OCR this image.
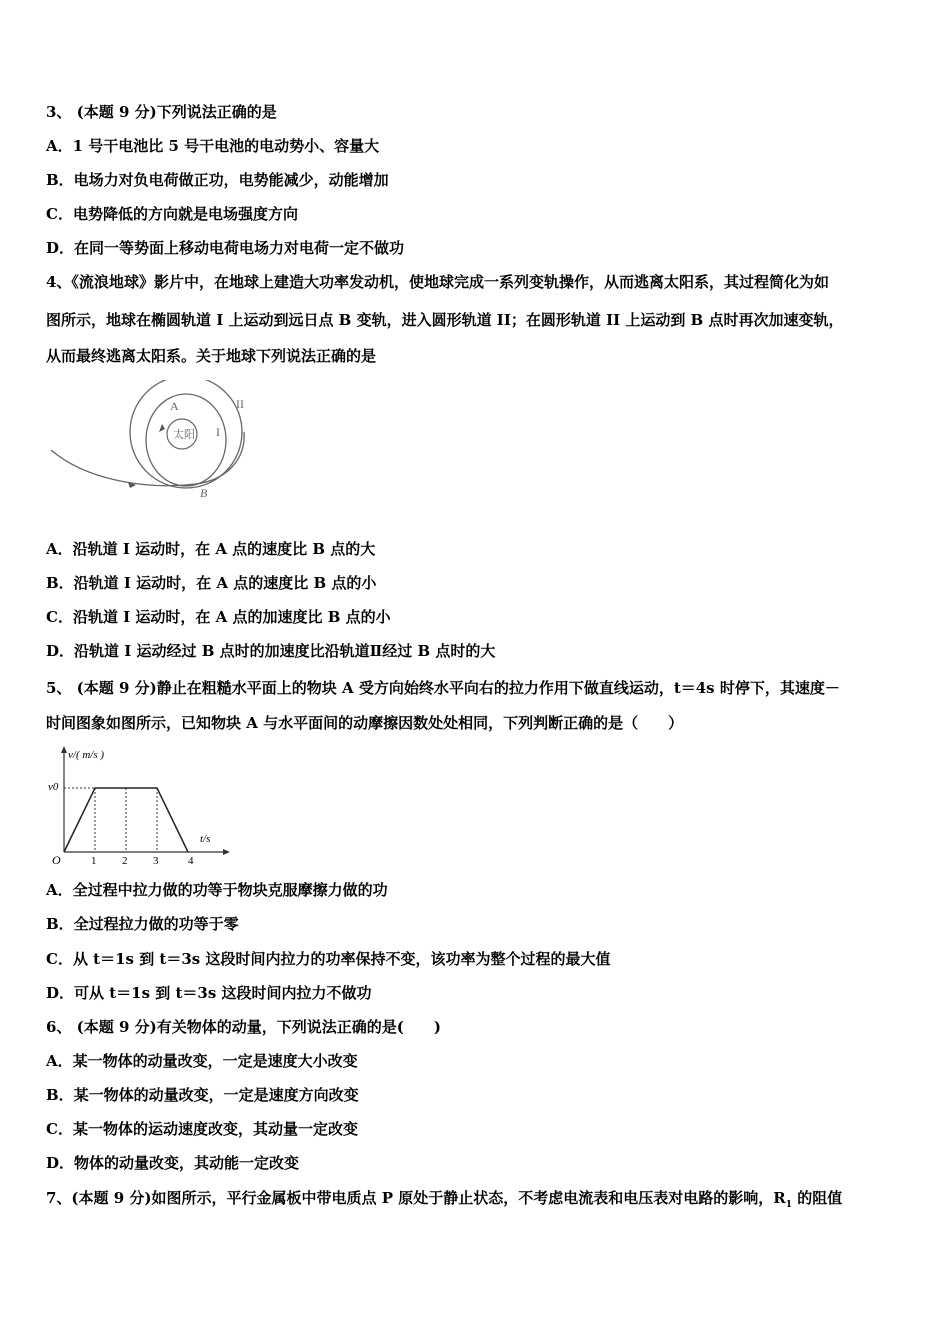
3、 (本题 9 分)下列说法正确的是
A．1 号干电池比 5 号干电池的电动势小、容量大
B．电场力对负电荷做正功，电势能减少，动能增加
C．电势降低的方向就是电场强度方向
D．在同一等势面上移动电荷电场力对电荷一定不做功
4、《流浪地球》影片中，在地球上建造大功率发动机，使地球完成一系列变轨操作，从而逃离太阳系，其过程简化为如
图所示，地球在椭圆轨道 I 上运动到远日点 B 变轨，进入圆形轨道 II；在圆形轨道 II 上运动到 B 点时再次加速变轨，
从而最终逃离太阳系。关于地球下列说法正确的是
A
太阳 I
II
B
A．沿轨道 I 运动时，在 A 点的速度比 B 点的大
B．沿轨道 I 运动时，在 A 点的速度比 B 点的小
C．沿轨道 I 运动时，在 A 点的加速度比 B 点的小
D．沿轨道 I 运动经过 B 点时的加速度比沿轨道Ⅱ经过 B 点时的大
5、 (本题 9 分)静止在粗糙水平面上的物块 A 受方向始终水平向右的拉力作用下做直线运动，t＝4s 时停下，其速度－
时间图象如图所示，已知物块 A 与水平面间的动摩擦因数处处相同，下列判断正确的是（　　）
v/( m/s )
v0
t/s
O	1 2 3	4
A．全过程中拉力做的功等于物块克服摩擦力做的功
B．全过程拉力做的功等于零
C．从 t＝1s 到 t＝3s 这段时间内拉力的功率保持不变，该功率为整个过程的最大值
D．可从 t＝1s 到 t＝3s 这段时间内拉力不做功
6、 (本题 9 分)有关物体的动量，下列说法正确的是(　　)
A．某一物体的动量改变，一定是速度大小改变
B．某一物体的动量改变，一定是速度方向改变
C．某一物体的运动速度改变，其动量一定改变
D．物体的动量改变，其动能一定改变
7、(本题 9 分)如图所示，平行金属板中带电质点 P 原处于静止状态，不考虑电流表和电压表对电路的影响，$R_1$ 的阻值
